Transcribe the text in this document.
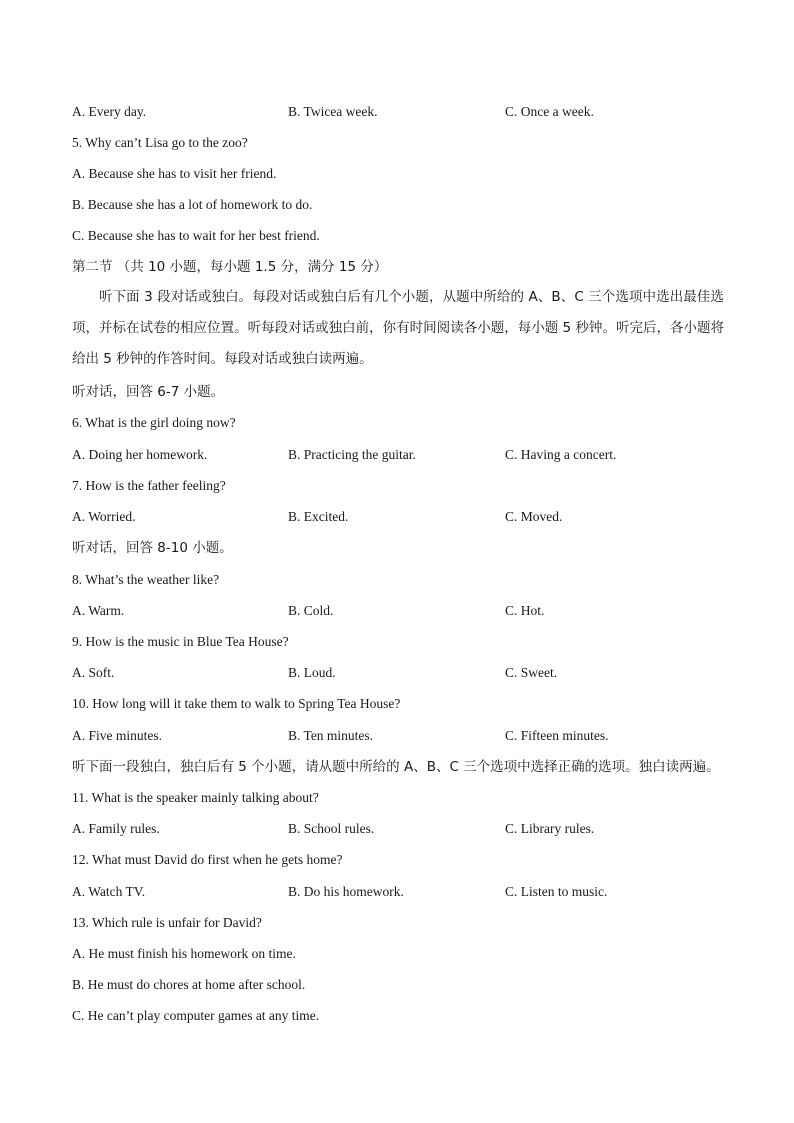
A. Every day.	B. Twicea week.	C. Once a week.
5. Why can’t Lisa go to the zoo?
A. Because she has to visit her friend.
B. Because she has a lot of homework to do.
C. Because she has to wait for her best friend.
第二节 （共 10 小题，每小题 1.5 分，满分 15 分）
听下面 3 段对话或独白。每段对话或独白后有几个小题，从题中所给的 A、B、C 三个选项中选出最佳选项，并标在试卷的相应位置。听每段对话或独白前，你有时间阅读各小题，每小题 5 秒钟。听完后，各小题将给出 5 秒钟的作答时间。每段对话或独白读两遍。
听对话，回答 6-7 小题。
6. What is the girl doing now?
A. Doing her homework.	B. Practicing the guitar.	C. Having a concert.
7. How is the father feeling?
A. Worried.	B. Excited.	C. Moved.
听对话，回答 8-10 小题。
8. What’s the weather like?
A. Warm.	B. Cold.	C. Hot.
9. How is the music in Blue Tea House?
A. Soft.	B. Loud.	C. Sweet.
10. How long will it take them to walk to Spring Tea House?
A. Five minutes.	B. Ten minutes.	C. Fifteen minutes.
听下面一段独白，独白后有 5 个小题，请从题中所给的 A、B、C 三个选项中选择正确的选项。独白读两遍。
11. What is the speaker mainly talking about?
A. Family rules.	B. School rules.	C. Library rules.
12. What must David do first when he gets home?
A. Watch TV.	B. Do his homework.	C. Listen to music.
13. Which rule is unfair for David?
A. He must finish his homework on time.
B. He must do chores at home after school.
C. He can’t play computer games at any time.
